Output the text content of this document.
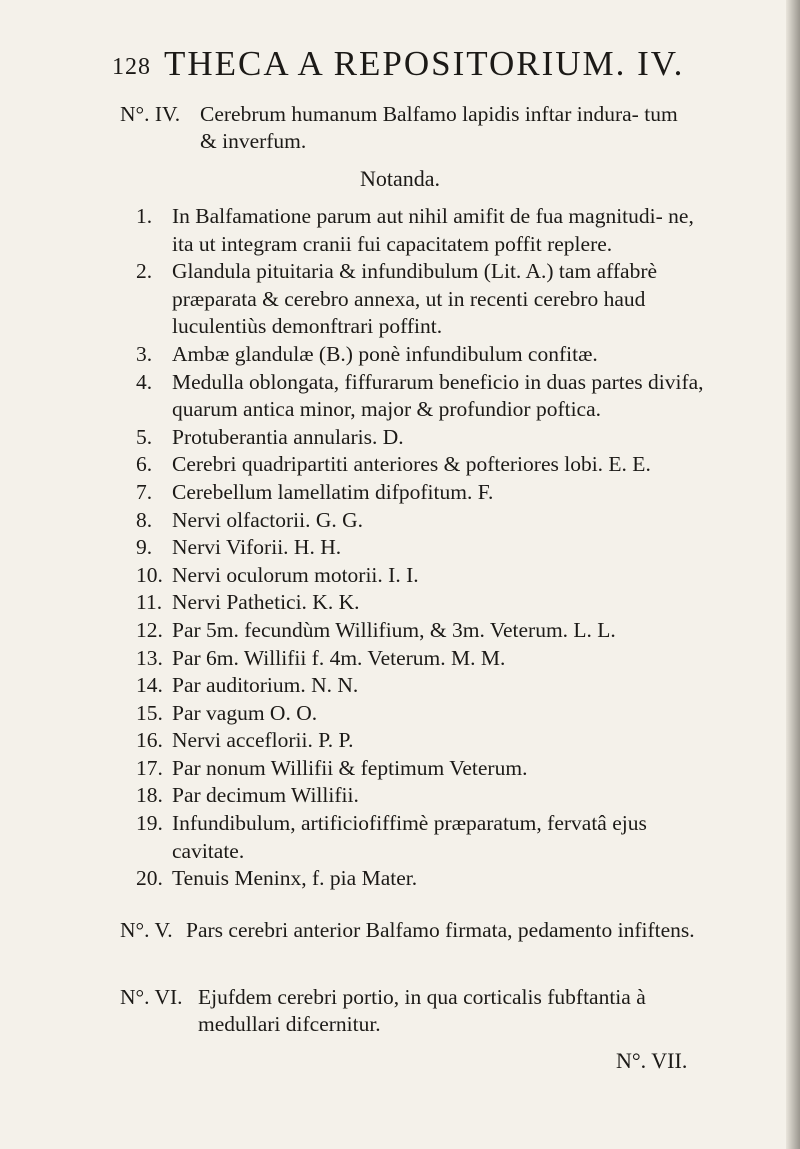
128 THECA A REPOSITORIUM. IV.
N°. IV. Cerebrum humanum Balfamo lapidis inftar indura- tum & inverfum.
Notanda.
1. In Balfamatione parum aut nihil amifit de fua magnitudi- ne, ita ut integram cranii fui capacitatem poffit replere.
2. Glandula pituitaria & infundibulum (Lit. A.) tam affabrè præparata & cerebro annexa, ut in recenti cerebro haud luculentiùs demonftrari poffint.
3. Ambæ glandulæ (B.) ponè infundibulum confitæ.
4. Medulla oblongata, fiffurarum beneficio in duas partes divifa, quarum antica minor, major & profundior poftica.
5. Protuberantia annularis. D.
6. Cerebri quadripartiti anteriores & pofteriores lobi. E. E.
7. Cerebellum lamellatim difpofitum. F.
8. Nervi olfactorii. G. G.
9. Nervi Viforii. H. H.
10. Nervi oculorum motorii. I. I.
11. Nervi Pathetici. K. K.
12. Par 5m. fecundùm Willifium, & 3m. Veterum. L. L.
13. Par 6m. Willifii f. 4m. Veterum. M. M.
14. Par auditorium. N. N.
15. Par vagum O. O.
16. Nervi acceflorii. P. P.
17. Par nonum Willifii & feptimum Veterum.
18. Par decimum Willifii.
19. Infundibulum, artificiofiffimè præparatum, fervatâ ejus cavitate.
20. Tenuis Meninx, f. pia Mater.
N°. V. Pars cerebri anterior Balfamo firmata, pedamento infiftens.
N°. VI. Ejufdem cerebri portio, in qua corticalis fubftantia à medullari difcernitur.
N°. VII.
